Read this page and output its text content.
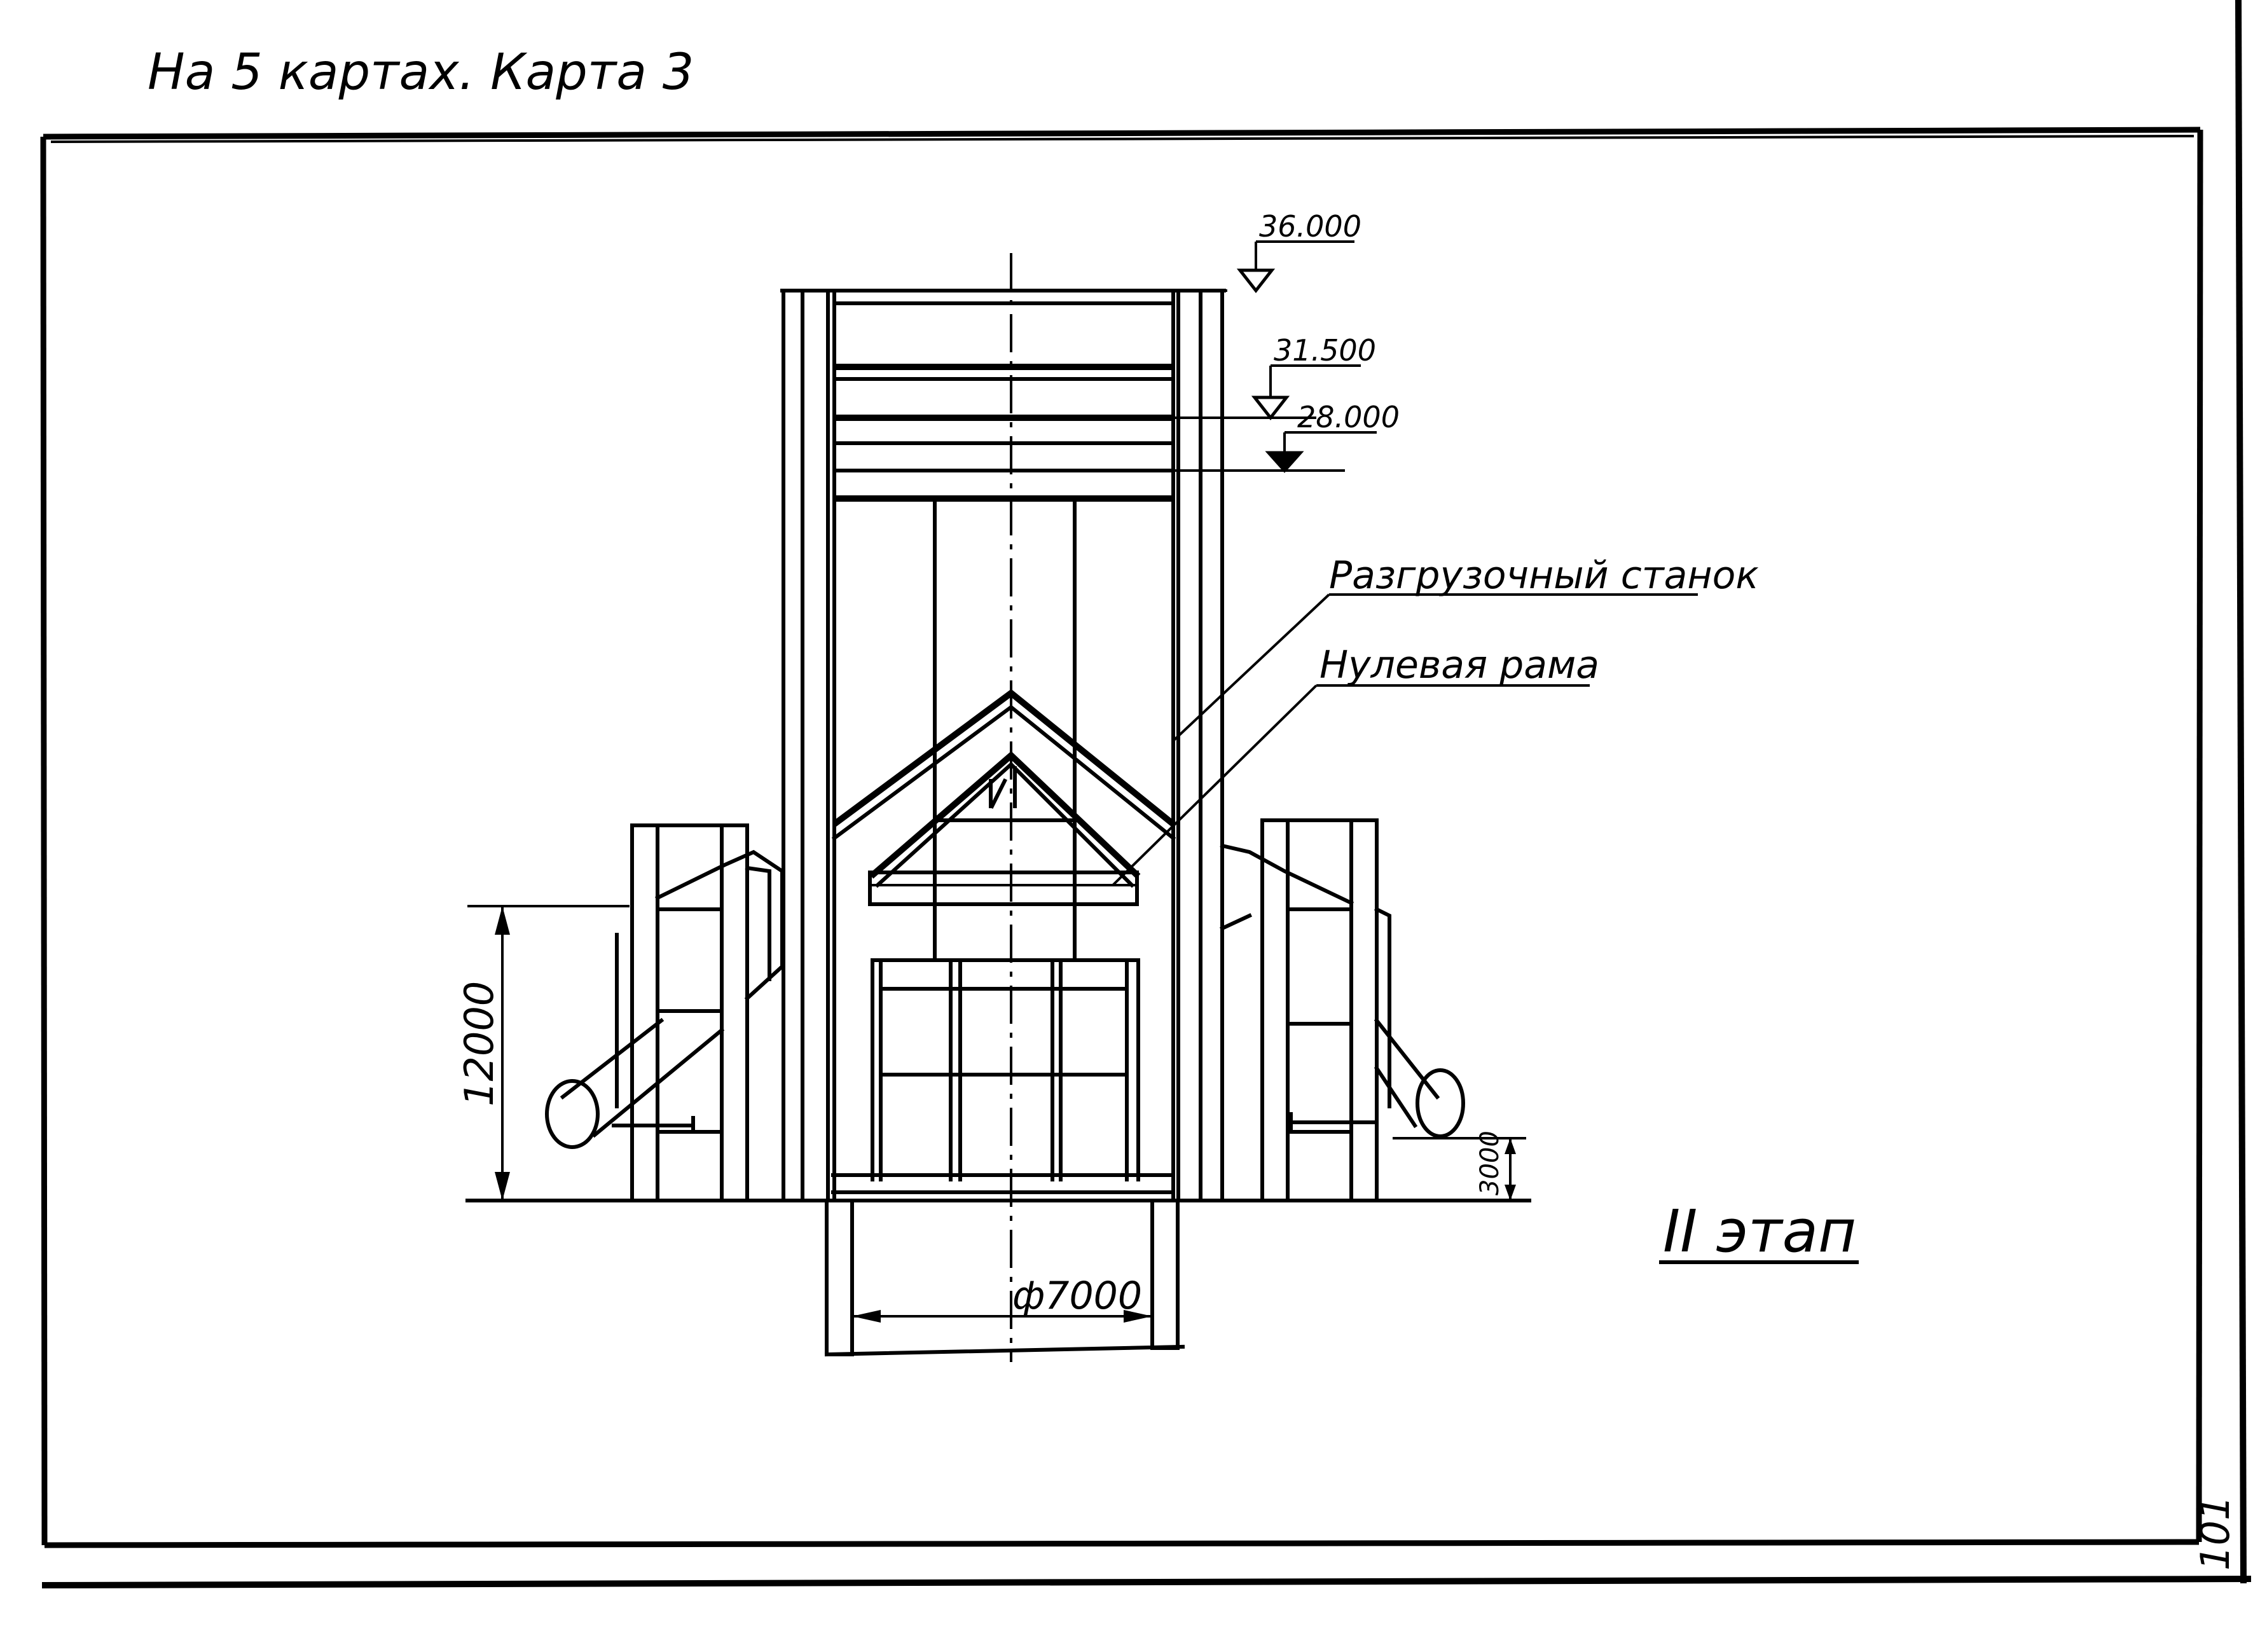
На 5 картах. Карта 3
101
36.000
31.500
28.000
Разгрузочный станок
Нулевая рама
12000
3000
ф7000
II этап
